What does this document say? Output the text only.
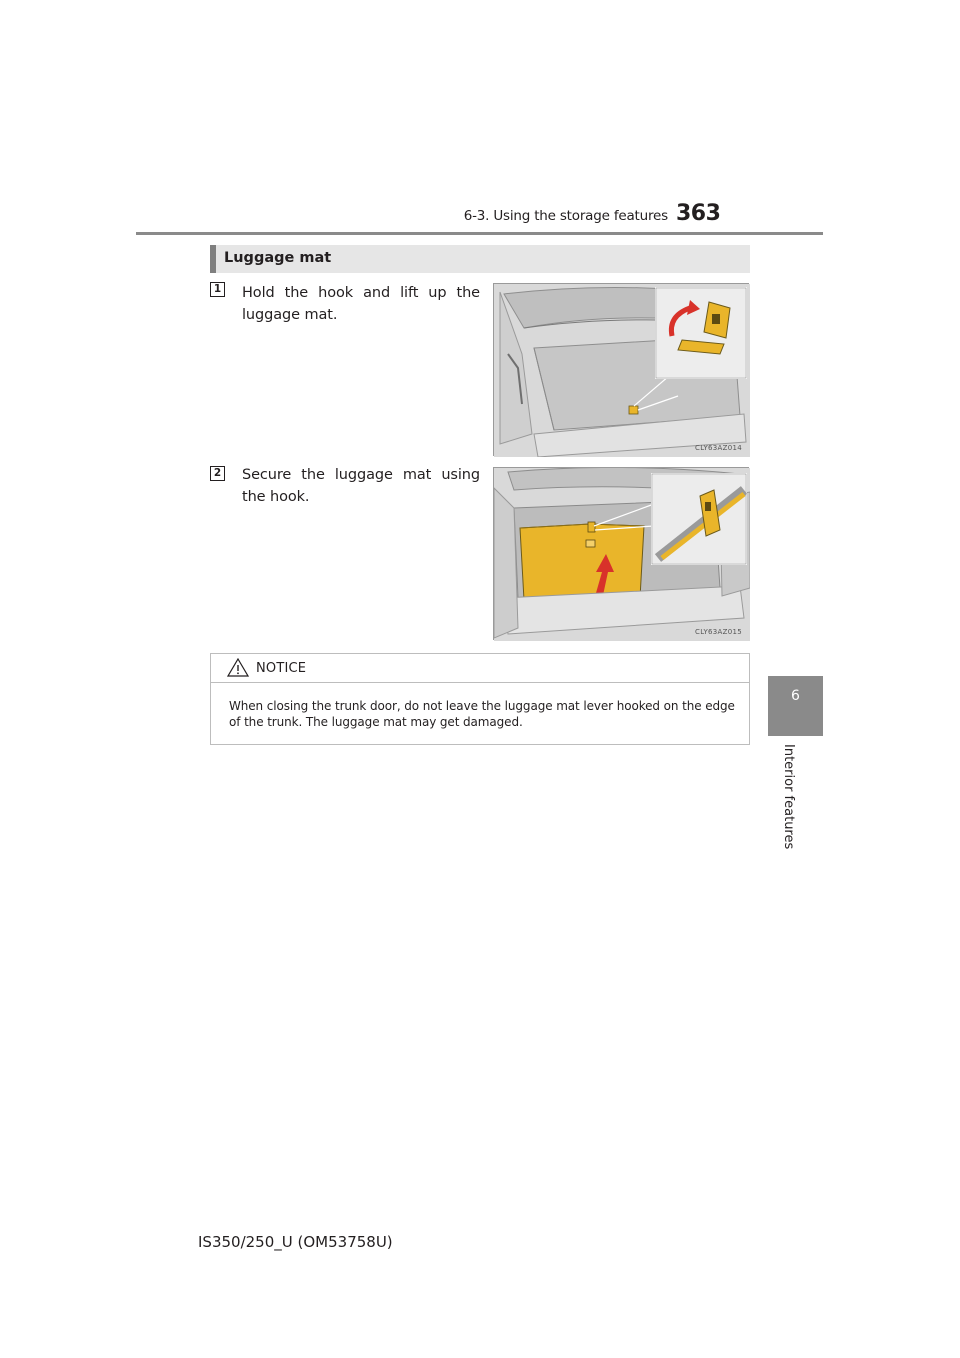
6-3. Using the storage features 363
6
Interior features
Luggage mat
1 Hold the hook and lift up the luggage mat.
CLY63AZ014
2 Secure the luggage mat using the hook.
CLY63AZ015
NOTICE
When closing the trunk door, do not leave the luggage mat lever hooked on the edge of the trunk. The luggage mat may get damaged.
IS350/250_U (OM53758U)
